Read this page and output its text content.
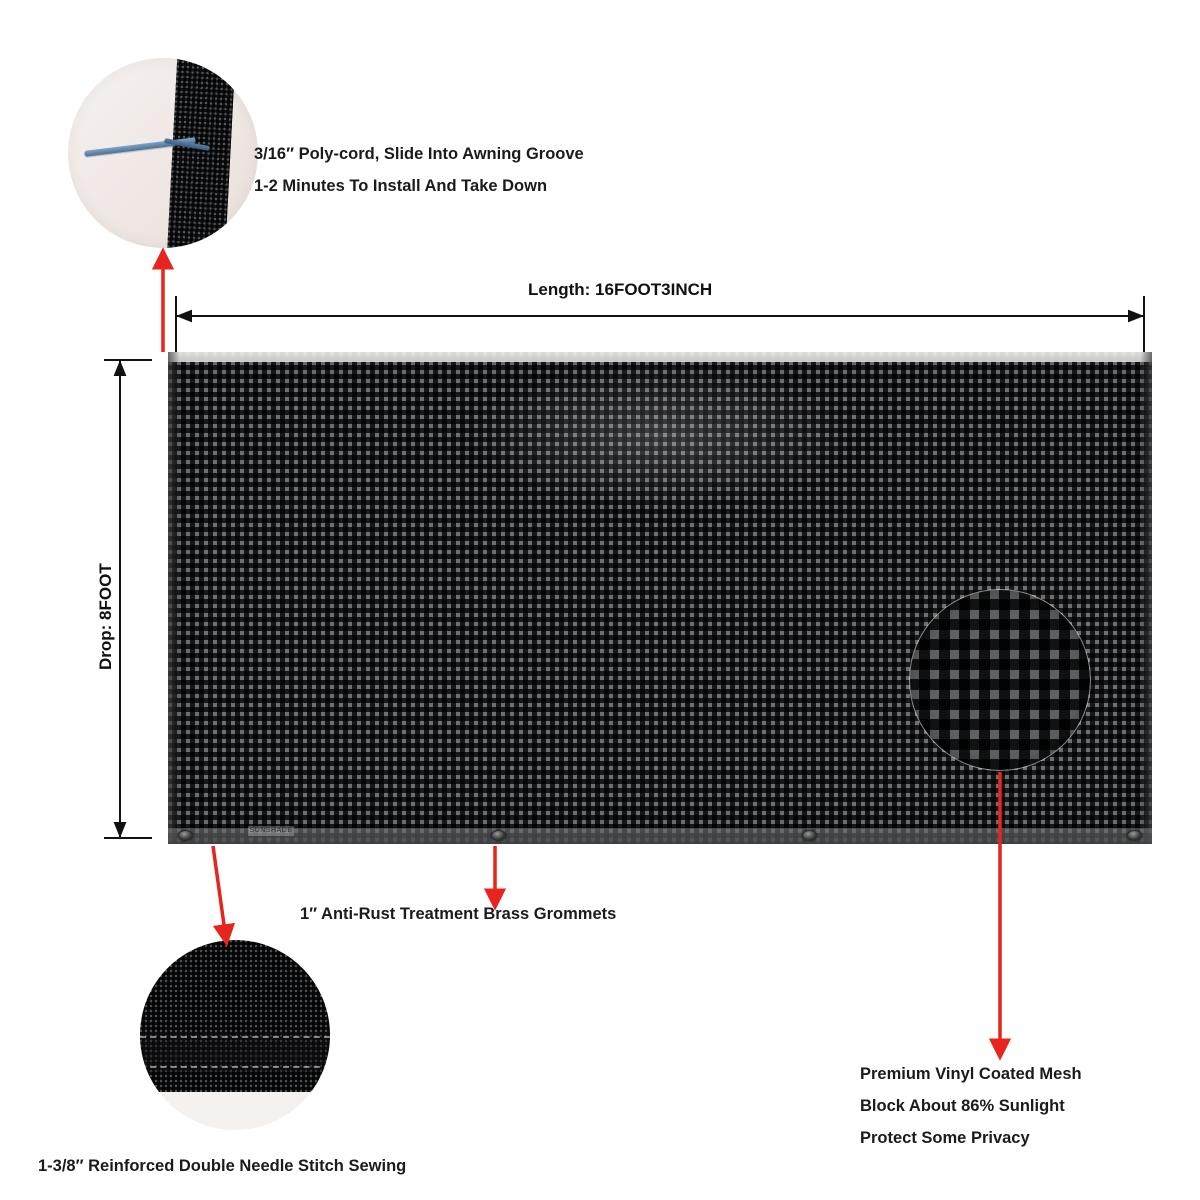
SUNSHADE
Length: 16FOOT3INCH
Drop: 8FOOT
3/16″ Poly-cord, Slide Into Awning Groove
1-2 Minutes To Install And Take Down
1″ Anti-Rust Treatment Brass Grommets
1-3/8″ Reinforced Double Needle Stitch Sewing
Premium Vinyl Coated Mesh
Block About 86% Sunlight
Protect Some Privacy
